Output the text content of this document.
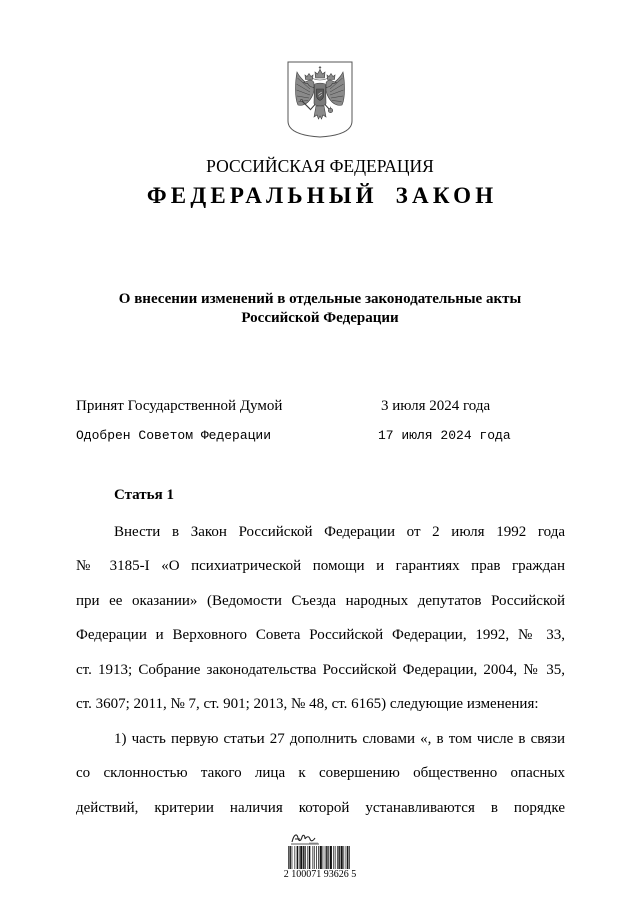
РОССИЙСКАЯ ФЕДЕРАЦИЯ
ФЕДЕРАЛЬНЫЙ ЗАКОН
О внесении изменений в отдельные законодательные акты
Российской Федерации
Принят Государственной Думой	3 июля 2024 года
Одобрен Советом Федерации	17 июля 2024 года
Статья 1
Внести в Закон Российской Федерации от 2 июля 1992 года
№ 3185-I «О психиатрической помощи и гарантиях прав граждан
при ее оказании» (Ведомости Съезда народных депутатов Российской
Федерации и Верховного Совета Российской Федерации, 1992, № 33,
ст. 1913; Собрание законодательства Российской Федерации, 2004, № 35,
ст. 3607; 2011, № 7, ст. 901; 2013, № 48, ст. 6165) следующие изменения:
1) часть первую статьи 27 дополнить словами «, в том числе в связи
со склонностью такого лица к совершению общественно опасных
действий, критерии наличия которой устанавливаются в порядке
2 100071 93626 5
